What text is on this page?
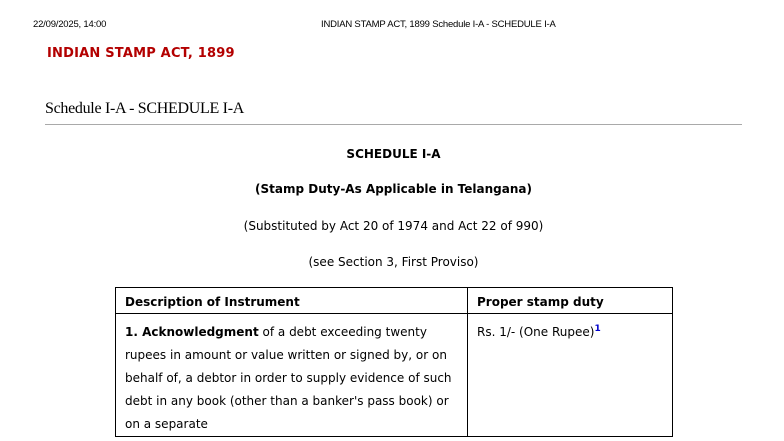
22/09/2025, 14:00	INDIAN STAMP ACT, 1899 Schedule I-A - SCHEDULE I-A
INDIAN STAMP ACT, 1899
Schedule I-A - SCHEDULE I-A
SCHEDULE I-A
(Stamp Duty-As Applicable in Telangana)
(Substituted by Act 20 of 1974 and Act 22 of 990)
(see Section 3, First Proviso)
Description of Instrument	Proper stamp duty
1. Acknowledgment of a debt exceeding twenty rupees in amount or value written or signed by, or on behalf of, a debtor in order to supply evidence of such debt in any book (other than a banker's pass book) or on a separate	Rs. 1/- (One Rupee)$^1$
